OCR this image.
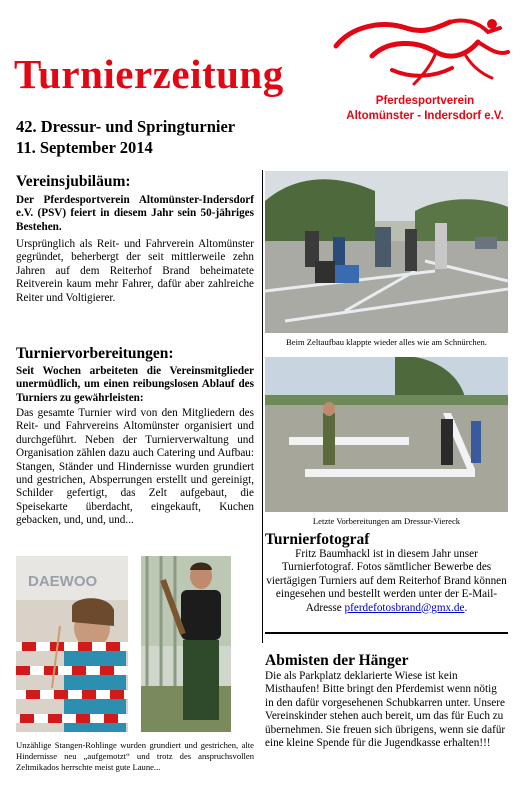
Turnierzeitung
42. Dressur- und Springturnier
11. September 2014
Pferdesportverein
Altomünster - Indersdorf e.V.
Vereinsjubiläum:
Der Pferdesportverein Altomünster-Indersdorf e.V. (PSV) feiert in diesem Jahr sein 50-jähriges Bestehen.
Ursprünglich als Reit- und Fahrverein Altomünster gegründet, beherbergt der seit mittlerweile zehn Jahren auf dem Reiterhof Brand beheimatete Reitverein kaum mehr Fahrer, dafür aber zahlreiche Reiter und Voltigierer.
Turniervorbereitungen:
Seit Wochen arbeiteten die Vereinsmitglieder unermüdlich, um einen reibungslosen Ablauf des Turniers zu gewährleisten:
Das gesamte Turnier wird von den Mitgliedern des Reit- und Fahrvereins Altomünster organisiert und durchgeführt. Neben der Turnierverwaltung und Organisation zählen dazu auch Catering und Aufbau: Stangen, Ständer und Hindernisse wurden grundiert und gestrichen, Absperrungen erstellt und gereinigt, Schilder gefertigt, das Zelt aufgebaut, die Speisekarte überdacht, eingekauft, Kuchen gebacken, und, und, und...
DAEWOO
Unzählige Stangen-Rohlinge wurden grundiert und gestrichen, alte Hindernisse neu „aufgemotzt“ und trotz des anspruchsvollen Zeltmikados herrschte meist gute Laune...
Beim Zeltaufbau klappte wieder alles wie am Schnürchen.
Letzte Vorbereitungen am Dressur-Viereck
Turnierfotograf
Fritz Baumhackl ist in diesem Jahr unser Turnierfotograf. Fotos sämtlicher Bewerbe des viertägigen Turniers auf dem Reiterhof Brand können eingesehen und bestellt werden unter der E-Mail-Adresse pferdefotosbrand@gmx.de.
Abmisten der Hänger
Die als Parkplatz deklarierte Wiese ist kein Misthaufen! Bitte bringt den Pferdemist wenn nötig in den dafür vorgesehenen Schubkarren unter. Unsere Vereinskinder stehen auch bereit, um das für Euch zu übernehmen. Sie freuen sich übrigens, wenn sie dafür eine kleine Spende für die Jugendkasse erhalten!!!
